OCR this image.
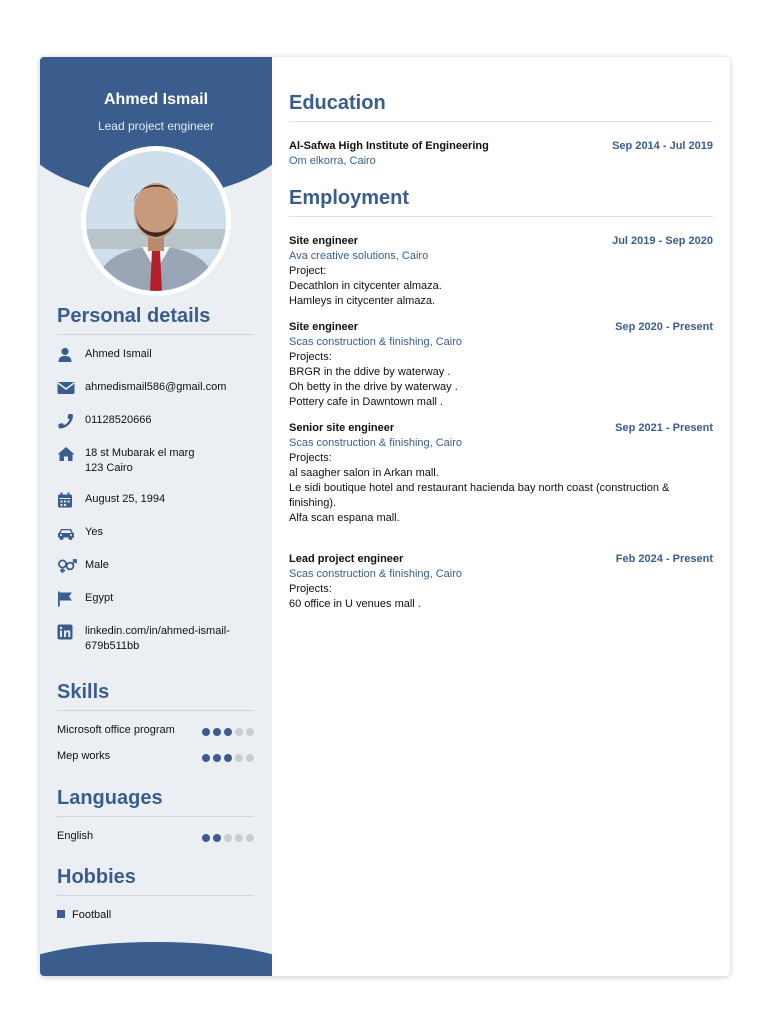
Ahmed Ismail
Lead project engineer
Personal details
Ahmed Ismail
ahmedismail586@gmail.com
01128520666
18 st Mubarak el marg
123 Cairo
August 25, 1994
Yes
Male
Egypt
linkedin.com/in/ahmed-ismail-
679b511bb
Skills
Microsoft office program
Mep works
Languages
English
Hobbies
Football
Education
Al-Safwa High Institute of Engineering	Sep 2014 - Jul 2019
Om elkorra, Cairo
Employment
Site engineer	Jul 2019 - Sep 2020
Ava creative solutions, Cairo
Project:
Decathlon in citycenter almaza.
Hamleys in citycenter almaza.
Site engineer	Sep 2020 - Present
Scas construction & finishing, Cairo
Projects:
BRGR in the ddive by waterway .
Oh betty in the drive by waterway .
Pottery cafe in Dawntown mall .
Senior site engineer	Sep 2021 - Present
Scas construction & finishing, Cairo
Projects:
al saagher salon in Arkan mall.
Le sidi boutique hotel and restaurant hacienda bay north coast (construction &
finishing).
Alfa scan espana mall.
Lead project engineer	Feb 2024 - Present
Scas construction & finishing, Cairo
Projects:
60 office in U venues mall .
